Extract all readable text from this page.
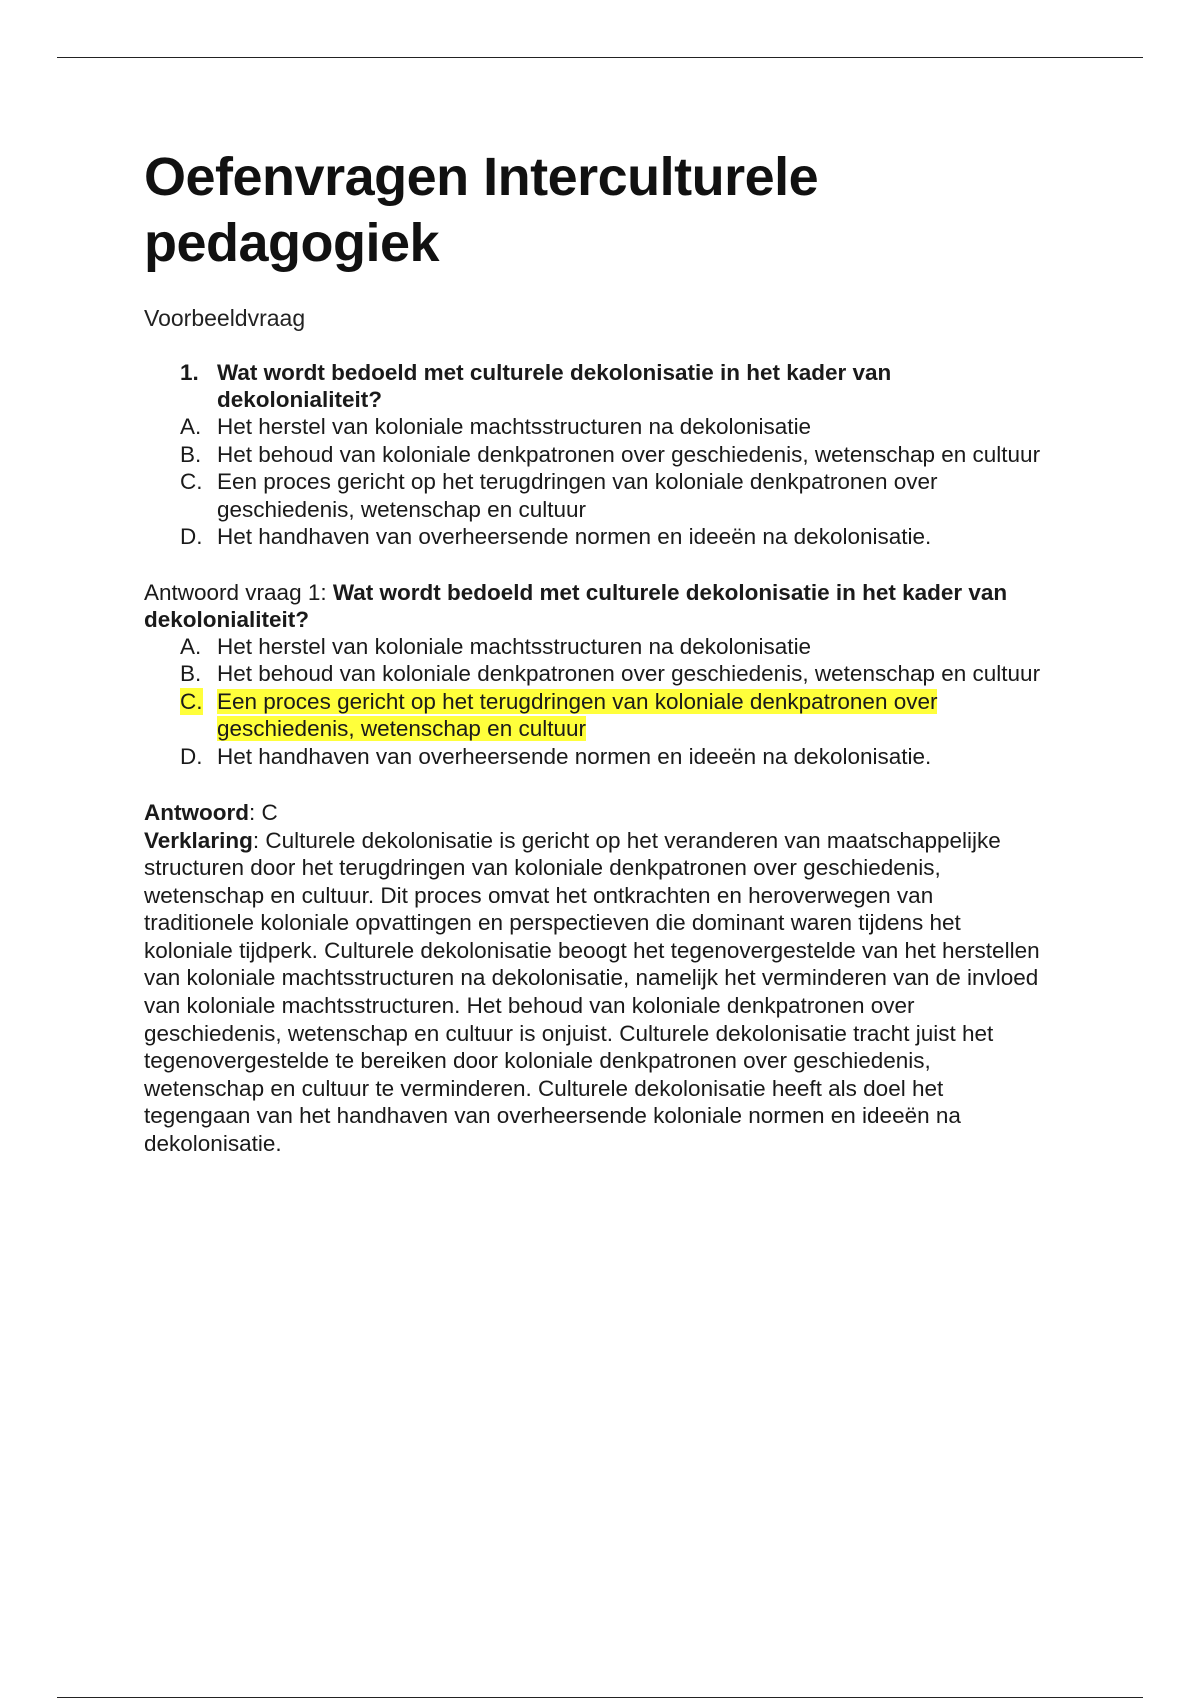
Oefenvragen Interculturele pedagogiek
Voorbeeldvraag
1. Wat wordt bedoeld met culturele dekolonisatie in het kader van dekolonialiteit?
A. Het herstel van koloniale machtsstructuren na dekolonisatie
B. Het behoud van koloniale denkpatronen over geschiedenis, wetenschap en cultuur
C. Een proces gericht op het terugdringen van koloniale denkpatronen over geschiedenis, wetenschap en cultuur
D. Het handhaven van overheersende normen en ideeën na dekolonisatie.
Antwoord vraag 1: Wat wordt bedoeld met culturele dekolonisatie in het kader van dekolonialiteit?
A. Het herstel van koloniale machtsstructuren na dekolonisatie
B. Het behoud van koloniale denkpatronen over geschiedenis, wetenschap en cultuur
C. Een proces gericht op het terugdringen van koloniale denkpatronen over geschiedenis, wetenschap en cultuur
D. Het handhaven van overheersende normen en ideeën na dekolonisatie.
Antwoord: C
Verklaring: Culturele dekolonisatie is gericht op het veranderen van maatschappelijke structuren door het terugdringen van koloniale denkpatronen over geschiedenis, wetenschap en cultuur. Dit proces omvat het ontkrachten en heroverwegen van traditionele koloniale opvattingen en perspectieven die dominant waren tijdens het koloniale tijdperk. Culturele dekolonisatie beoogt het tegenovergestelde van het herstellen van koloniale machtsstructuren na dekolonisatie, namelijk het verminderen van de invloed van koloniale machtsstructuren. Het behoud van koloniale denkpatronen over geschiedenis, wetenschap en cultuur is onjuist. Culturele dekolonisatie tracht juist het tegenovergestelde te bereiken door koloniale denkpatronen over geschiedenis, wetenschap en cultuur te verminderen. Culturele dekolonisatie heeft als doel het tegengaan van het handhaven van overheersende koloniale normen en ideeën na dekolonisatie.
